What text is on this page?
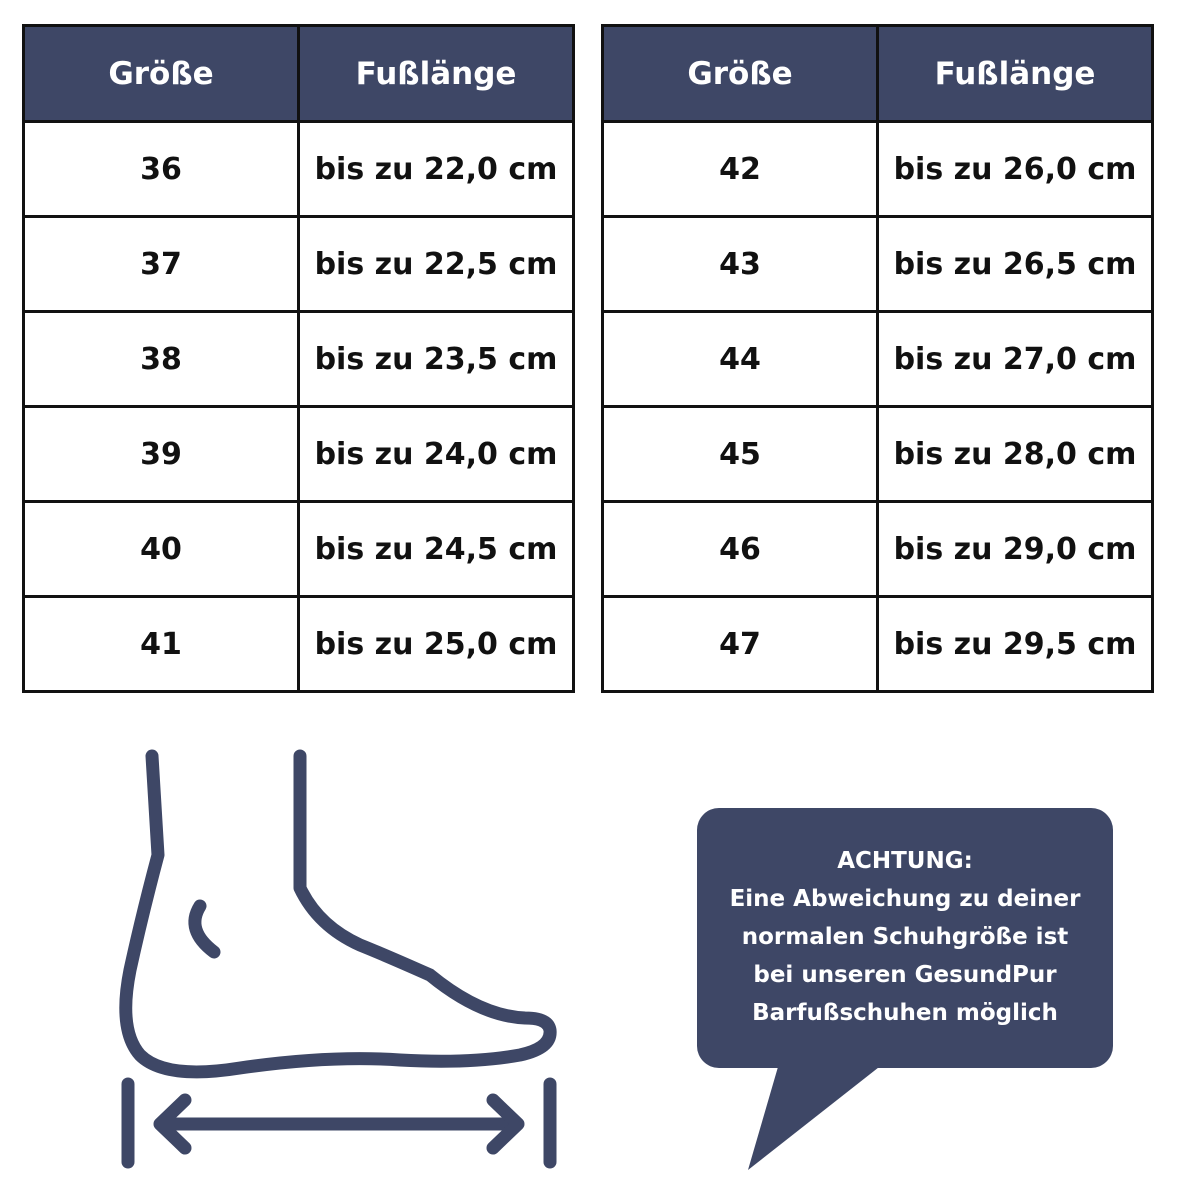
Größe	Fußlänge
36	bis zu 22,0 cm
37	bis zu 22,5 cm
38	bis zu 23,5 cm
39	bis zu 24,0 cm
40	bis zu 24,5 cm
41	bis zu 25,0 cm
Größe	Fußlänge
42	bis zu 26,0 cm
43	bis zu 26,5 cm
44	bis zu 27,0 cm
45	bis zu 28,0 cm
46	bis zu 29,0 cm
47	bis zu 29,5 cm
ACHTUNG:
Eine Abweichung zu deiner
normalen Schuhgröße ist
bei unseren GesundPur
Barfußschuhen möglich
